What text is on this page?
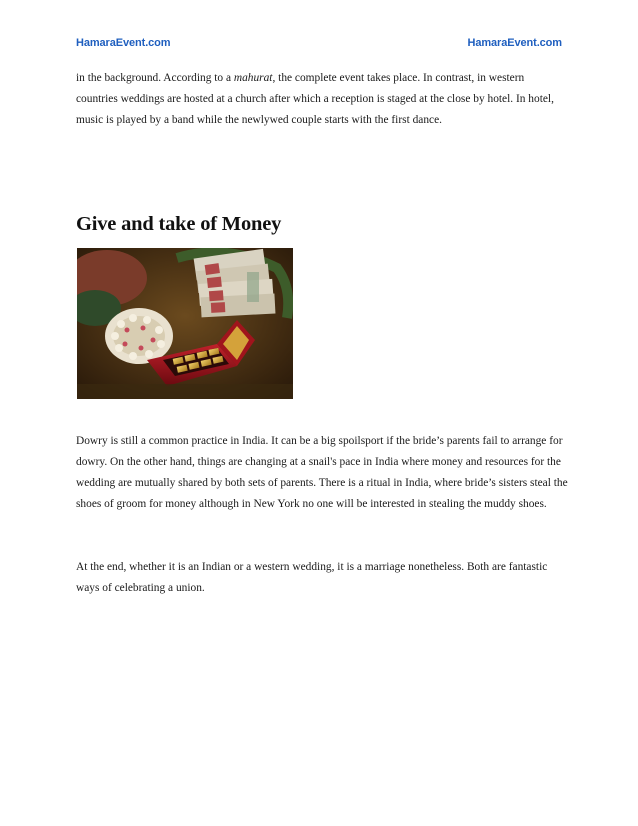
HamaraEvent.com	HamaraEvent.com

in the background. According to a mahurat, the complete event takes place. In contrast, in western countries weddings are hosted at a church after which a reception is staged at the close by hotel. In hotel, music is played by a band while the newlywed couple starts with the first dance.

Give and take of Money

Dowry is still a common practice in India. It can be a big spoilsport if the bride’s parents fail to arrange for dowry. On the other hand, things are changing at a snail's pace in India where money and resources for the wedding are mutually shared by both sets of parents. There is a ritual in India, where bride’s sisters steal the shoes of groom for money although in New York no one will be interested in stealing the muddy shoes.

At the end, whether it is an Indian or a western wedding, it is a marriage nonetheless. Both are fantastic ways of celebrating a union.
